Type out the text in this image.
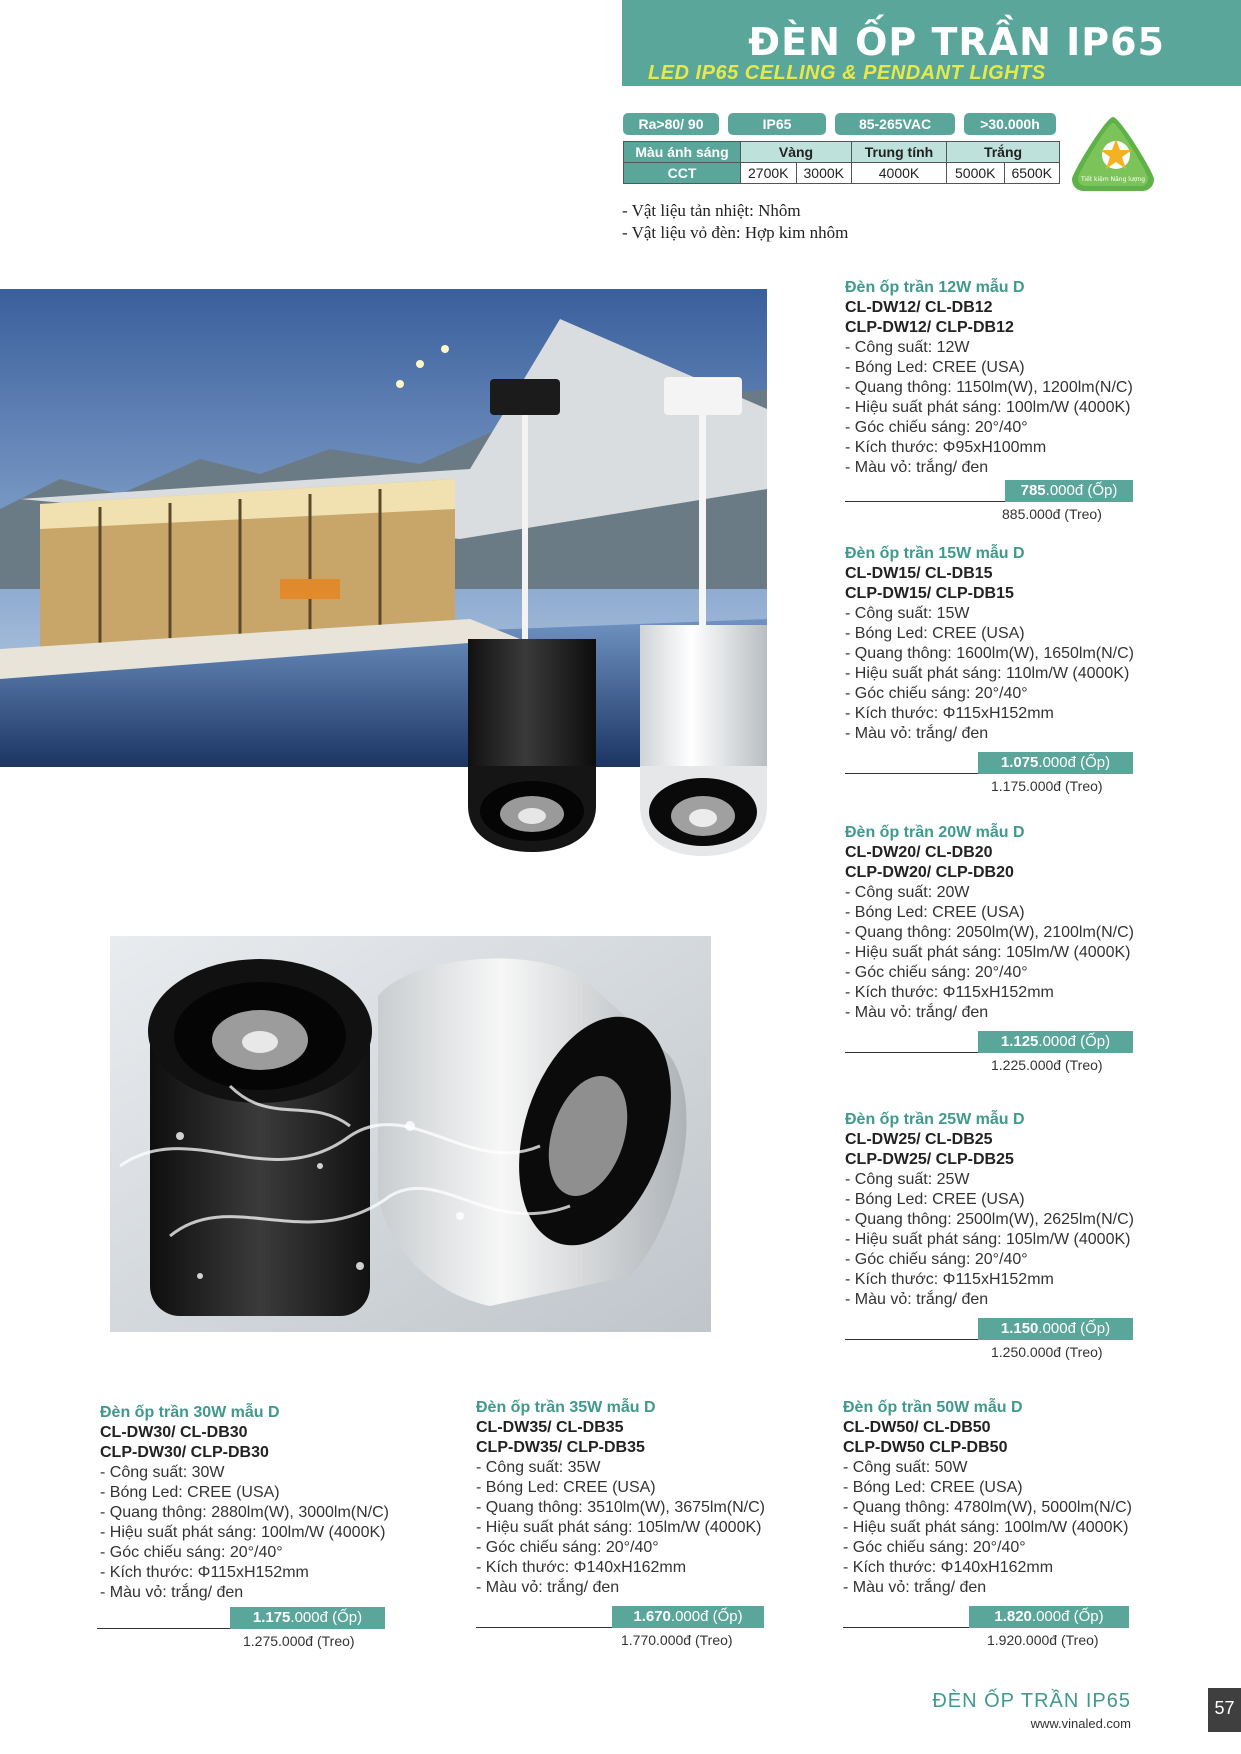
ĐÈN ỐP TRẦN IP65
LED IP65 CELLING & PENDANT LIGHTS
Ra>80/ 90	IP65	85-265VAC	>30.000h
Màu ánh sáng	Vàng		Trung tính	Trắng	
CCT	2700K	3000K	4000K	5000K	6500K	Tiết kiệm Năng lượng
- Vật liệu tản nhiệt: Nhôm
- Vật liệu vỏ đèn: Hợp kim nhôm
Đèn ốp trần 12W mẫu D
CL-DW12/ CL-DB12
CLP-DW12/ CLP-DB12
- Công suất: 12W
- Bóng Led: CREE (USA)
- Quang thông: 1150lm(W), 1200lm(N/C)
- Hiệu suất phát sáng: 100lm/W (4000K)
- Góc chiếu sáng: 20°/40°
- Kích thước: Φ95xH100mm
- Màu vỏ: trắng/ đen
785.000đ (Ốp)
885.000đ (Treo)
Đèn ốp trần 15W mẫu D
CL-DW15/ CL-DB15
CLP-DW15/ CLP-DB15
- Công suất: 15W
- Bóng Led: CREE (USA)
- Quang thông: 1600lm(W), 1650lm(N/C)
- Hiệu suất phát sáng: 110lm/W (4000K)
- Góc chiếu sáng: 20°/40°
- Kích thước: Φ115xH152mm
- Màu vỏ: trắng/ đen
1.075.000đ (Ốp)
1.175.000đ (Treo)
Đèn ốp trần 20W mẫu D
CL-DW20/ CL-DB20
CLP-DW20/ CLP-DB20
- Công suất: 20W
- Bóng Led: CREE (USA)
- Quang thông: 2050lm(W), 2100lm(N/C)
- Hiệu suất phát sáng: 105lm/W (4000K)
- Góc chiếu sáng: 20°/40°
- Kích thước: Φ115xH152mm
- Màu vỏ: trắng/ đen
1.125.000đ (Ốp)
1.225.000đ (Treo)
Đèn ốp trần 25W mẫu D
CL-DW25/ CL-DB25
CLP-DW25/ CLP-DB25
- Công suất: 25W
- Bóng Led: CREE (USA)
- Quang thông: 2500lm(W), 2625lm(N/C)
- Hiệu suất phát sáng: 105lm/W (4000K)
- Góc chiếu sáng: 20°/40°
- Kích thước: Φ115xH152mm
- Màu vỏ: trắng/ đen
1.150.000đ (Ốp)
1.250.000đ (Treo)
Đèn ốp trần 30W mẫu D
CL-DW30/ CL-DB30
CLP-DW30/ CLP-DB30
- Công suất: 30W
- Bóng Led: CREE (USA)
- Quang thông: 2880lm(W), 3000lm(N/C)
- Hiệu suất phát sáng: 100lm/W (4000K)
- Góc chiếu sáng: 20°/40°
- Kích thước: Φ115xH152mm
- Màu vỏ: trắng/ đen
1.175.000đ (Ốp)
1.275.000đ (Treo)
Đèn ốp trần 35W mẫu D
CL-DW35/ CL-DB35
CLP-DW35/ CLP-DB35
- Công suất: 35W
- Bóng Led: CREE (USA)
- Quang thông: 3510lm(W), 3675lm(N/C)
- Hiệu suất phát sáng: 105lm/W (4000K)
- Góc chiếu sáng: 20°/40°
- Kích thước: Φ140xH162mm
- Màu vỏ: trắng/ đen
1.670.000đ (Ốp)
1.770.000đ (Treo)
Đèn ốp trần 50W mẫu D
CL-DW50/ CL-DB50
CLP-DW50 CLP-DB50
- Công suất: 50W
- Bóng Led: CREE (USA)
- Quang thông: 4780lm(W), 5000lm(N/C)
- Hiệu suất phát sáng: 100lm/W (4000K)
- Góc chiếu sáng: 20°/40°
- Kích thước: Φ140xH162mm
- Màu vỏ: trắng/ đen
1.820.000đ (Ốp)
1.920.000đ (Treo)
ĐÈN ỐP TRẦN IP65
www.vinaled.com
57
